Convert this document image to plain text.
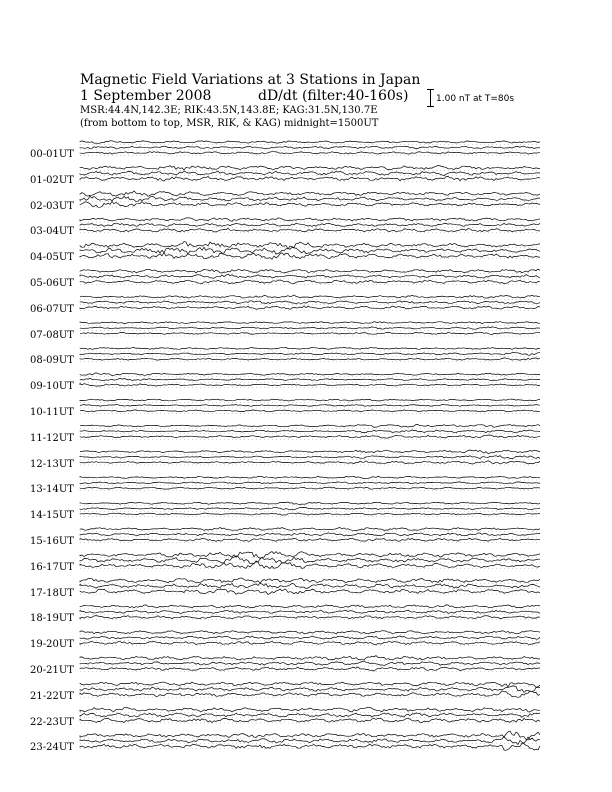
Magnetic Field Variations at 3 Stations in Japan
1 September 2008	dD/dt (filter:40-160s)
MSR:44.4N,142.3E; RIK:43.5N,143.8E; KAG:31.5N,130.7E
(from bottom to top, MSR, RIK, & KAG) midnight=1500UT
1.00 nT at T=80s
00-01UT
01-02UT
02-03UT
03-04UT
04-05UT
05-06UT
06-07UT
07-08UT
08-09UT
09-10UT
10-11UT
11-12UT
12-13UT
13-14UT
14-15UT
15-16UT
16-17UT
17-18UT
18-19UT
19-20UT
20-21UT
21-22UT
22-23UT
23-24UT
